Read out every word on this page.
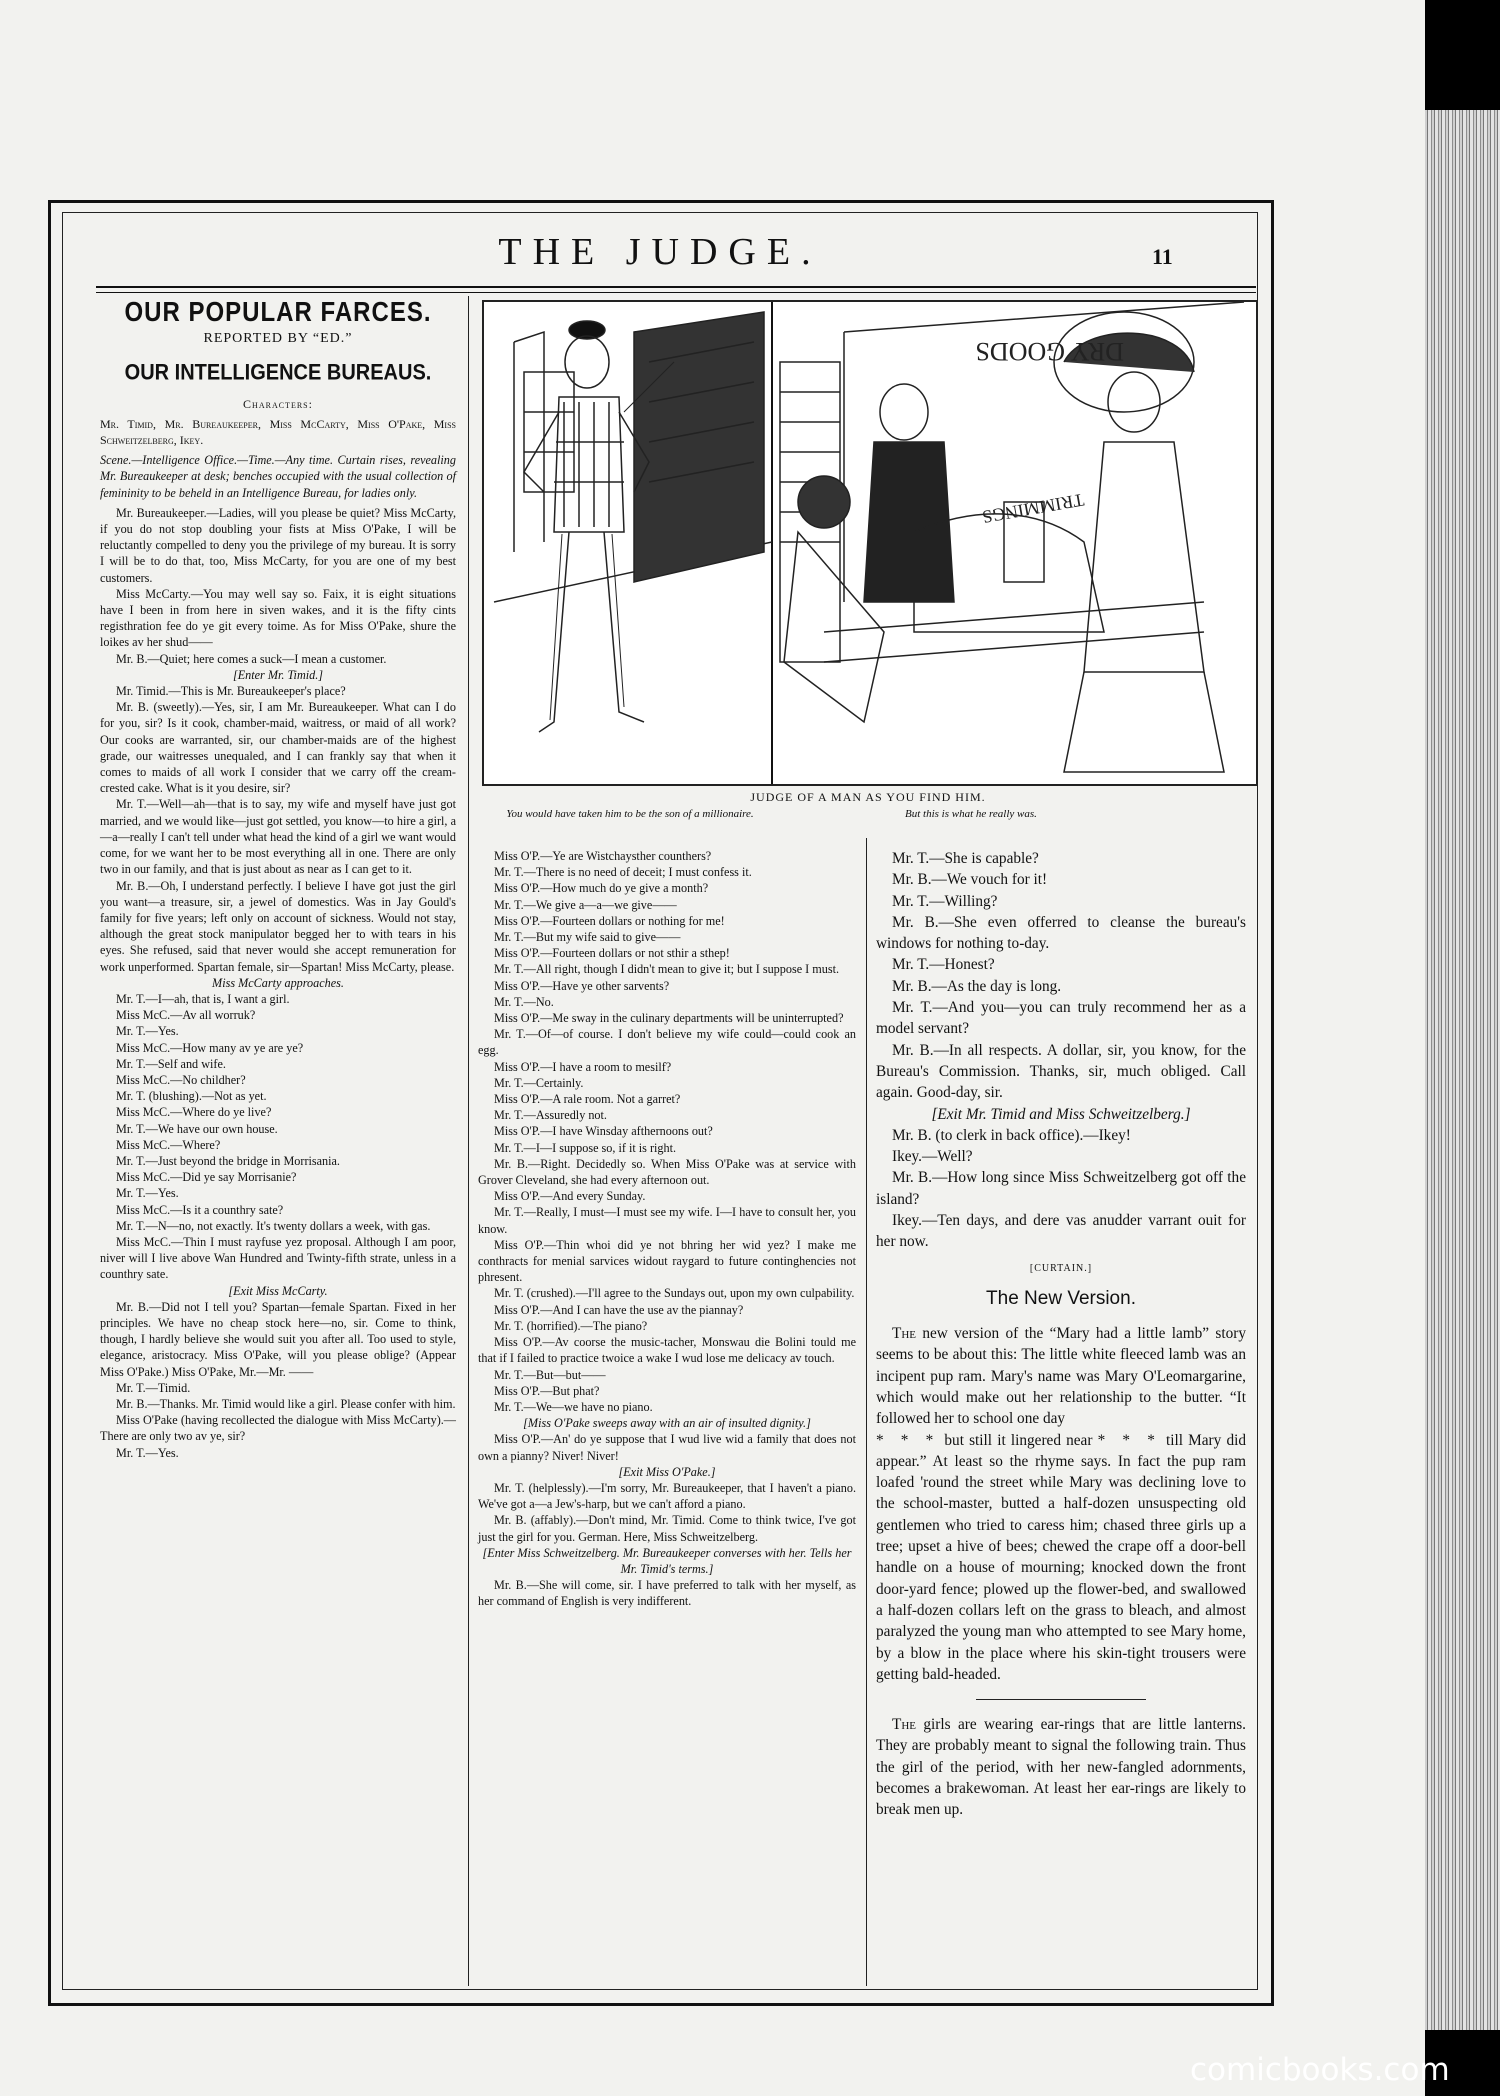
THE JUDGE.	11
OUR POPULAR FARCES.
REPORTED BY “ED.”
OUR INTELLIGENCE BUREAUS.
Characters:
Mr. Timid, Mr. Bureaukeeper, Miss McCarty, Miss O'Pake, Miss Schweitzelberg, Ikey.
Scene.—Intelligence Office.—Time.—Any time. Curtain rises, revealing Mr. Bureaukeeper at desk; benches occupied with the usual collection of femininity to be beheld in an Intelligence Bureau, for ladies only.

Mr. Bureaukeeper.—Ladies, will you please be quiet? Miss McCarty, if you do not stop doubling your fists at Miss O'Pake, I will be reluctantly compelled to deny you the privilege of my bureau. It is sorry I will be to do that, too, Miss McCarty, for you are one of my best customers.

Miss McCarty.—You may well say so. Faix, it is eight situations have I been in from here in siven wakes, and it is the fifty cints registhration fee do ye git every toime. As for Miss O'Pake, shure the loikes av her shud——

Mr. B.—Quiet; here comes a suck—I mean a customer.

[Enter Mr. Timid.]

Mr. Timid.—This is Mr. Bureaukeeper's place?

Mr. B. (sweetly).—Yes, sir, I am Mr. Bureaukeeper. What can I do for you, sir? Is it cook, chamber-maid, waitress, or maid of all work? Our cooks are warranted, sir, our chamber-maids are of the highest grade, our waitresses unequaled, and I can frankly say that when it comes to maids of all work I consider that we carry off the cream-crested cake. What is it you desire, sir?

Mr. T.—Well—ah—that is to say, my wife and myself have just got married, and we would like—just got settled, you know—to hire a girl, a—a—really I can't tell under what head the kind of a girl we want would come, for we want her to be most everything all in one. There are only two in our family, and that is just about as near as I can get to it.

Mr. B.—Oh, I understand perfectly. I believe I have got just the girl you want—a treasure, sir, a jewel of domestics. Was in Jay Gould's family for five years; left only on account of sickness. Would not stay, although the great stock manipulator begged her to with tears in his eyes. She refused, said that never would she accept remuneration for work unperformed. Spartan female, sir—Spartan! Miss McCarty, please.

Miss McCarty approaches.

Mr. T.—I—ah, that is, I want a girl.

Miss McC.—Av all worruk?

Mr. T.—Yes.

Miss McC.—How many av ye are ye?

Mr. T.—Self and wife.

Miss McC.—No childher?

Mr. T. (blushing).—Not as yet.

Miss McC.—Where do ye live?

Mr. T.—We have our own house.

Miss McC.—Where?

Mr. T.—Just beyond the bridge in Morrisania.

Miss McC.—Did ye say Morrisanie?

Mr. T.—Yes.

Miss McC.—Is it a counthry sate?

Mr. T.—N—no, not exactly. It's twenty dollars a week, with gas.

Miss McC.—Thin I must rayfuse yez proposal. Although I am poor, niver will I live above Wan Hundred and Twinty-fifth strate, unless in a counthry sate.

[Exit Miss McCarty.

Mr. B.—Did not I tell you? Spartan—female Spartan. Fixed in her principles. We have no cheap stock here—no, sir. Come to think, though, I hardly believe she would suit you after all. Too used to style, elegance, aristocracy. Miss O'Pake, will you please oblige? (Appear Miss O'Pake.) Miss O'Pake, Mr.—Mr. ——

Mr. T.—Timid.

Mr. B.—Thanks. Mr. Timid would like a girl. Please confer with him.

Miss O'Pake (having recollected the dialogue with Miss McCarty).—There are only two av ye, sir?

Mr. T.—Yes.

DRY GOODS
TRIMMINGS
JUDGE OF A MAN AS YOU FIND HIM.
You would have taken him to be the son of a millionaire.	But this is what he really was.

Miss O'P.—Ye are Wistchaysther counthers?

Mr. T.—There is no need of deceit; I must confess it.

Miss O'P.—How much do ye give a month?

Mr. T.—We give a—a—we give——

Miss O'P.—Fourteen dollars or nothing for me!

Mr. T.—But my wife said to give——

Miss O'P.—Fourteen dollars or not sthir a sthep!

Mr. T.—All right, though I didn't mean to give it; but I suppose I must.

Miss O'P.—Have ye other sarvents?

Mr. T.—No.

Miss O'P.—Me sway in the culinary departments will be uninterrupted?

Mr. T.—Of—of course. I don't believe my wife could—could cook an egg.

Miss O'P.—I have a room to mesilf?

Mr. T.—Certainly.

Miss O'P.—A rale room. Not a garret?

Mr. T.—Assuredly not.

Miss O'P.—I have Winsday afthernoons out?

Mr. T.—I—I suppose so, if it is right.

Mr. B.—Right. Decidedly so. When Miss O'Pake was at service with Grover Cleveland, she had every afternoon out.

Miss O'P.—And every Sunday.

Mr. T.—Really, I must—I must see my wife. I—I have to consult her, you know.

Miss O'P.—Thin whoi did ye not bhring her wid yez? I make me conthracts for menial sarvices widout raygard to future continghencies not phresent.

Mr. T. (crushed).—I'll agree to the Sundays out, upon my own culpability.

Miss O'P.—And I can have the use av the piannay?

Mr. T. (horrified).—The piano?

Miss O'P.—Av coorse the music-tacher, Monswau die Bolini tould me that if I failed to practice twoice a wake I wud lose me delicacy av touch.

Mr. T.—But—but——

Miss O'P.—But phat?

Mr. T.—We—we have no piano.

[Miss O'Pake sweeps away with an air of insulted dignity.]

Miss O'P.—An' do ye suppose that I wud live wid a family that does not own a pianny? Niver! Niver!

[Exit Miss O'Pake.]

Mr. T. (helplessly).—I'm sorry, Mr. Bureaukeeper, that I haven't a piano. We've got a—a Jew's-harp, but we can't afford a piano.

Mr. B. (affably).—Don't mind, Mr. Timid. Come to think twice, I've got just the girl for you. German. Here, Miss Schweitzelberg.

[Enter Miss Schweitzelberg. Mr. Bureaukeeper converses with her. Tells her Mr. Timid's terms.]

Mr. B.—She will come, sir. I have preferred to talk with her myself, as her command of English is very indifferent.

Mr. T.—She is capable?

Mr. B.—We vouch for it!

Mr. T.—Willing?

Mr. B.—She even offerred to cleanse the bureau's windows for nothing to-day.

Mr. T.—Honest?

Mr. B.—As the day is long.

Mr. T.—And you—you can truly recommend her as a model servant?

Mr. B.—In all respects. A dollar, sir, you know, for the Bureau's Commission. Thanks, sir, much obliged. Call again. Good-day, sir.

[Exit Mr. Timid and Miss Schweitzelberg.]

Mr. B. (to clerk in back office).—Ikey!

Ikey.—Well?

Mr. B.—How long since Miss Schweitzelberg got off the island?

Ikey.—Ten days, and dere vas anudder varrant ouit for her now.

[CURTAIN.]
The New Version.

The new version of the “Mary had a little lamb” story seems to be about this: The little white fleeced lamb was an incipent pup ram. Mary's name was Mary O'Leomargarine, which would make out her relationship to the butter. “It followed her to school one day
* * * but still it lingered near * * * till Mary did appear.” At least so the rhyme says. In fact the pup ram loafed 'round the street while Mary was declining love to the school-master, butted a half-dozen unsuspecting old gentlemen who tried to caress him; chased three girls up a tree; upset a hive of bees; chewed the crape off a door-bell handle on a house of mourning; knocked down the front door-yard fence; plowed up the flower-bed, and swallowed a half-dozen collars left on the grass to bleach, and almost paralyzed the young man who attempted to see Mary home, by a blow in the place where his skin-tight trousers were getting bald-headed.

The girls are wearing ear-rings that are little lanterns. They are probably meant to signal the following train. Thus the girl of the period, with her new-fangled adornments, becomes a brakewoman. At least her ear-rings are likely to break men up.

comicbooks.com
